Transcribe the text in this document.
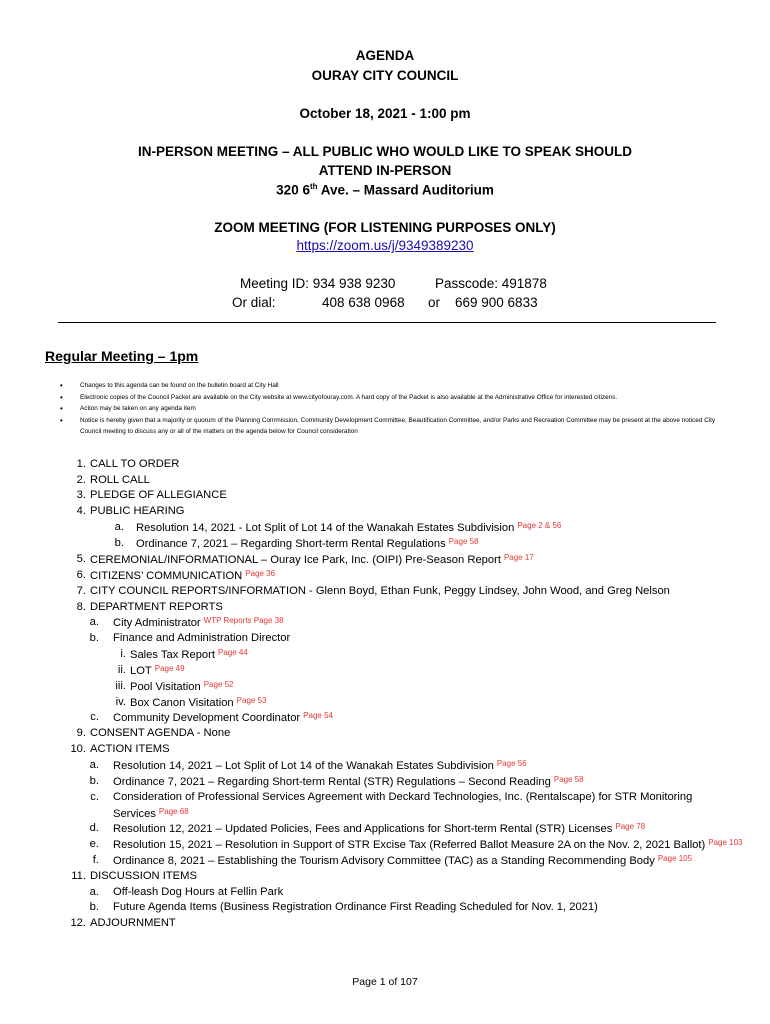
AGENDA
OURAY CITY COUNCIL
October 18, 2021 - 1:00 pm
IN-PERSON MEETING – ALL PUBLIC WHO WOULD LIKE TO SPEAK SHOULD
ATTEND IN-PERSON
320 6th Ave. – Massard Auditorium
ZOOM MEETING (FOR LISTENING PURPOSES ONLY)
https://zoom.us/j/9349389230
Meeting ID: 934 938 9230	Passcode: 491878
Or dial:	408 638 0968 or 669 900 6833
Regular Meeting – 1pm
• Changes to this agenda can be found on the bulletin board at City Hall
• Electronic copies of the Council Packet are available on the City website at www.cityofouray.com. A hard copy of the Packet is also available at the Administrative Office for interested citizens.
• Action may be taken on any agenda item
• Notice is hereby given that a majority or quorum of the Planning Commission, Community Development Committee, Beautification Committee, and/or Parks and Recreation Committee may be present at the above noticed City Council meeting to discuss any or all of the matters on the agenda below for Council consideration
1. CALL TO ORDER
2. ROLL CALL
3. PLEDGE OF ALLEGIANCE
4. PUBLIC HEARING
a. Resolution 14, 2021 - Lot Split of Lot 14 of the Wanakah Estates Subdivision $^{Page 2 \& 56}$
b. Ordinance 7, 2021 – Regarding Short-term Rental Regulations $^{Page 58}$
5. CEREMONIAL/INFORMATIONAL – Ouray Ice Park, Inc. (OIPI) Pre-Season Report $^{Page 17}$
6. CITIZENS’ COMMUNICATION $^{Page 36}$
7. CITY COUNCIL REPORTS/INFORMATION - Glenn Boyd, Ethan Funk, Peggy Lindsey, John Wood, and Greg Nelson
8. DEPARTMENT REPORTS
a. City Administrator $^{WTP Reports Page 38}$
b. Finance and Administration Director
i. Sales Tax Report $^{Page 44}$
ii. LOT $^{Page 49}$
iii. Pool Visitation $^{Page 52}$
iv. Box Canon Visitation $^{Page 53}$
c. Community Development Coordinator $^{Page 54}$
9. CONSENT AGENDA - None
10. ACTION ITEMS
a. Resolution 14, 2021 – Lot Split of Lot 14 of the Wanakah Estates Subdivision $^{Page 56}$
b. Ordinance 7, 2021 – Regarding Short-term Rental (STR) Regulations – Second Reading $^{Page 58}$
c. Consideration of Professional Services Agreement with Deckard Technologies, Inc. (Rentalscape) for STR Monitoring
Services $^{Page 68}$
d. Resolution 12, 2021 – Updated Policies, Fees and Applications for Short-term Rental (STR) Licenses $^{Page 78}$
e. Resolution 15, 2021 – Resolution in Support of STR Excise Tax (Referred Ballot Measure 2A on the Nov. 2, 2021 Ballot) $^{Page 103}$
f. Ordinance 8, 2021 – Establishing the Tourism Advisory Committee (TAC) as a Standing Recommending Body $^{Page 105}$
11. DISCUSSION ITEMS
a. Off-leash Dog Hours at Fellin Park
b. Future Agenda Items (Business Registration Ordinance First Reading Scheduled for Nov. 1, 2021)
12. ADJOURNMENT
Page 1 of 107
